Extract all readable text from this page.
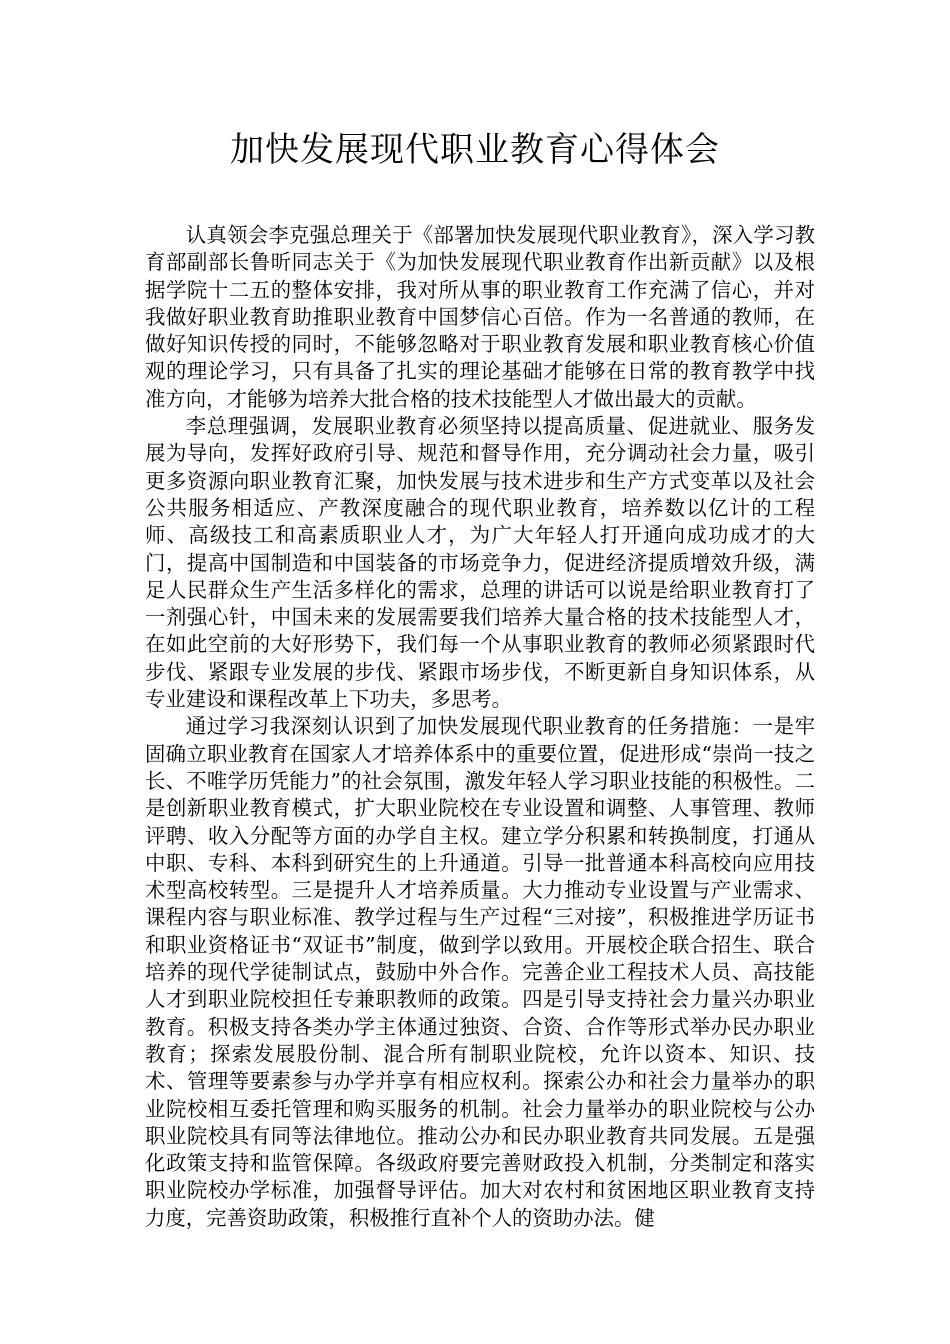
加快发展现代职业教育心得体会

认真领会李克强总理关于《部署加快发展现代职业教育》，深入学习教育部副部长鲁昕同志关于《为加快发展现代职业教育作出新贡献》以及根据学院十二五的整体安排，我对所从事的职业教育工作充满了信心，并对我做好职业教育助推职业教育中国梦信心百倍。作为一名普通的教师，在做好知识传授的同时，不能够忽略对于职业教育发展和职业教育核心价值观的理论学习，只有具备了扎实的理论基础才能够在日常的教育教学中找准方向，才能够为培养大批合格的技术技能型人才做出最大的贡献。

李总理强调，发展职业教育必须坚持以提高质量、促进就业、服务发展为导向，发挥好政府引导、规范和督导作用，充分调动社会力量，吸引更多资源向职业教育汇聚，加快发展与技术进步和生产方式变革以及社会公共服务相适应、产教深度融合的现代职业教育，培养数以亿计的工程师、高级技工和高素质职业人才，为广大年轻人打开通向成功成才的大门，提高中国制造和中国装备的市场竞争力，促进经济提质增效升级，满足人民群众生产生活多样化的需求，总理的讲话可以说是给职业教育打了一剂强心针，中国未来的发展需要我们培养大量合格的技术技能型人才，在如此空前的大好形势下，我们每一个从事职业教育的教师必须紧跟时代步伐、紧跟专业发展的步伐、紧跟市场步伐，不断更新自身知识体系，从专业建设和课程改革上下功夫，多思考。

通过学习我深刻认识到了加快发展现代职业教育的任务措施：一是牢固确立职业教育在国家人才培养体系中的重要位置，促进形成“崇尚一技之长、不唯学历凭能力”的社会氛围，激发年轻人学习职业技能的积极性。二是创新职业教育模式，扩大职业院校在专业设置和调整、人事管理、教师评聘、收入分配等方面的办学自主权。建立学分积累和转换制度，打通从中职、专科、本科到研究生的上升通道。引导一批普通本科高校向应用技术型高校转型。三是提升人才培养质量。大力推动专业设置与产业需求、课程内容与职业标准、教学过程与生产过程“三对接”，积极推进学历证书和职业资格证书“双证书”制度，做到学以致用。开展校企联合招生、联合培养的现代学徒制试点，鼓励中外合作。完善企业工程技术人员、高技能人才到职业院校担任专兼职教师的政策。四是引导支持社会力量兴办职业教育。积极支持各类办学主体通过独资、合资、合作等形式举办民办职业教育；探索发展股份制、混合所有制职业院校，允许以资本、知识、技术、管理等要素参与办学并享有相应权利。探索公办和社会力量举办的职业院校相互委托管理和购买服务的机制。社会力量举办的职业院校与公办职业院校具有同等法律地位。推动公办和民办职业教育共同发展。五是强化政策支持和监管保障。各级政府要完善财政投入机制，分类制定和落实职业院校办学标准，加强督导评估。加大对农村和贫困地区职业教育支持力度，完善资助政策，积极推行直补个人的资助办法。健
